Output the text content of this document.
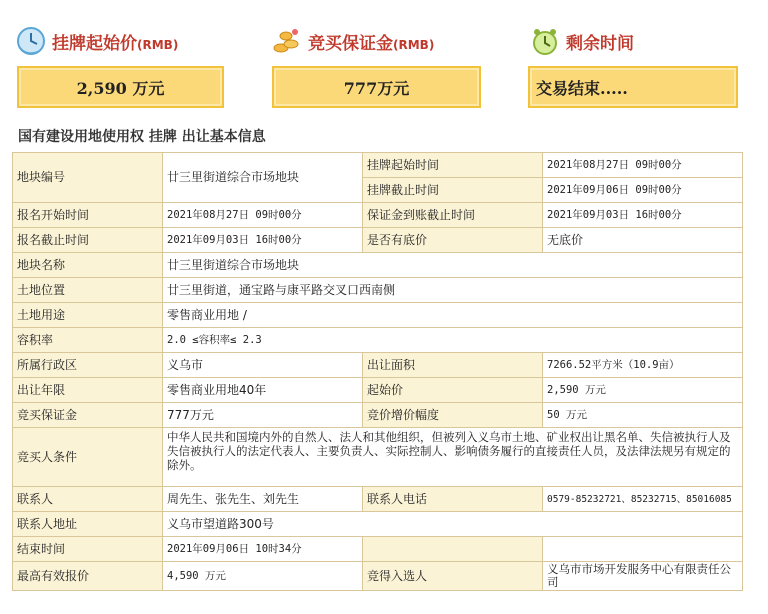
挂牌起始价(RMB)	竞买保证金(RMB)	剩余时间
2,590 万元	777万元	交易结束.....
国有建设用地使用权 挂牌 出让基本信息
地块编号	廿三里街道综合市场地块	挂牌起始时间	2021年08月27日 09时00分
		挂牌截止时间	2021年09月06日 09时00分
报名开始时间	2021年08月27日 09时00分	保证金到账截止时间	2021年09月03日 16时00分
报名截止时间	2021年09月03日 16时00分	是否有底价	无底价
地块名称	廿三里街道综合市场地块		
土地位置	廿三里街道，通宝路与康平路交叉口西南侧		
土地用途	零售商业用地 /		
容积率	2.0 ≤容积率≤ 2.3		
所属行政区	义乌市	出让面积	7266.52平方米（10.9亩）
出让年限	零售商业用地40年	起始价	2,590 万元
竞买保证金	777万元	竞价增价幅度	50 万元
竞买人条件	中华人民共和国境内外的自然人、法人和其他组织，但被列入义乌市土地、矿业权出让黑名单、失信被执行人及失信被执行人的法定代表人、主要负责人、实际控制人、影响债务履行的直接责任人员，及法律法规另有规定的除外。		
联系人	周先生、张先生、刘先生	联系人电话	0579-85232721、85232715、85016085
联系人地址	义乌市望道路300号		
结束时间	2021年09月06日 10时34分		
最高有效报价	4,590 万元	竞得入选人	义乌市市场开发服务中心有限责任公司
